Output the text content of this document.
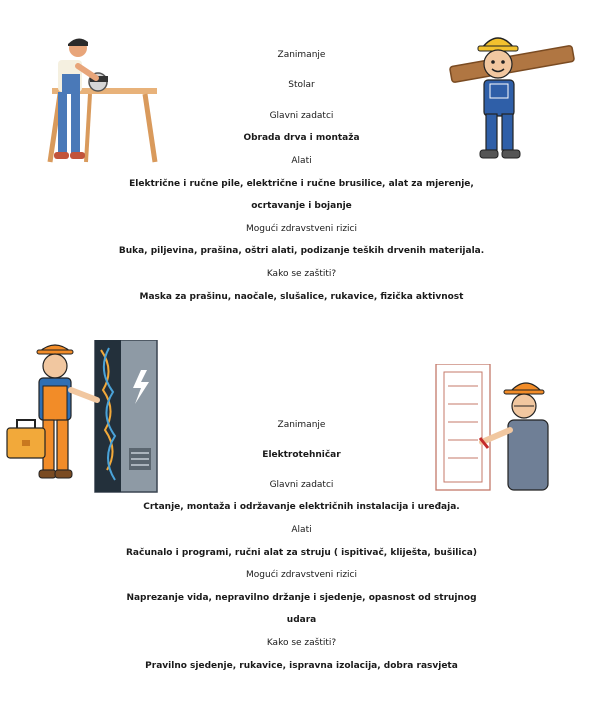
Zanimanje
Stolar
Glavni zadatci
Obrada drva i montaža
Alati
Električne i ručne pile, električne i ručne brusilice, alat za mjerenje,
ocrtavanje i bojanje
Mogući zdravstveni rizici
Buka, piljevina, prašina, oštri alati, podizanje teških drvenih materijala.
Kako se zaštiti?
Maska za prašinu, naočale, slušalice, rukavice, fizička aktivnost
Zanimanje
Elektrotehničar
Glavni zadatci
Crtanje, montaža i održavanje električnih instalacija i uređaja.
Alati
Računalo i programi, ručni alat za struju ( ispitivač, kliješta, bušilica)
Mogući zdravstveni rizici
Naprezanje vida, nepravilno držanje i sjedenje, opasnost od strujnog
udara
Kako se zaštiti?
Pravilno sjedenje, rukavice, ispravna izolacija, dobra rasvjeta
